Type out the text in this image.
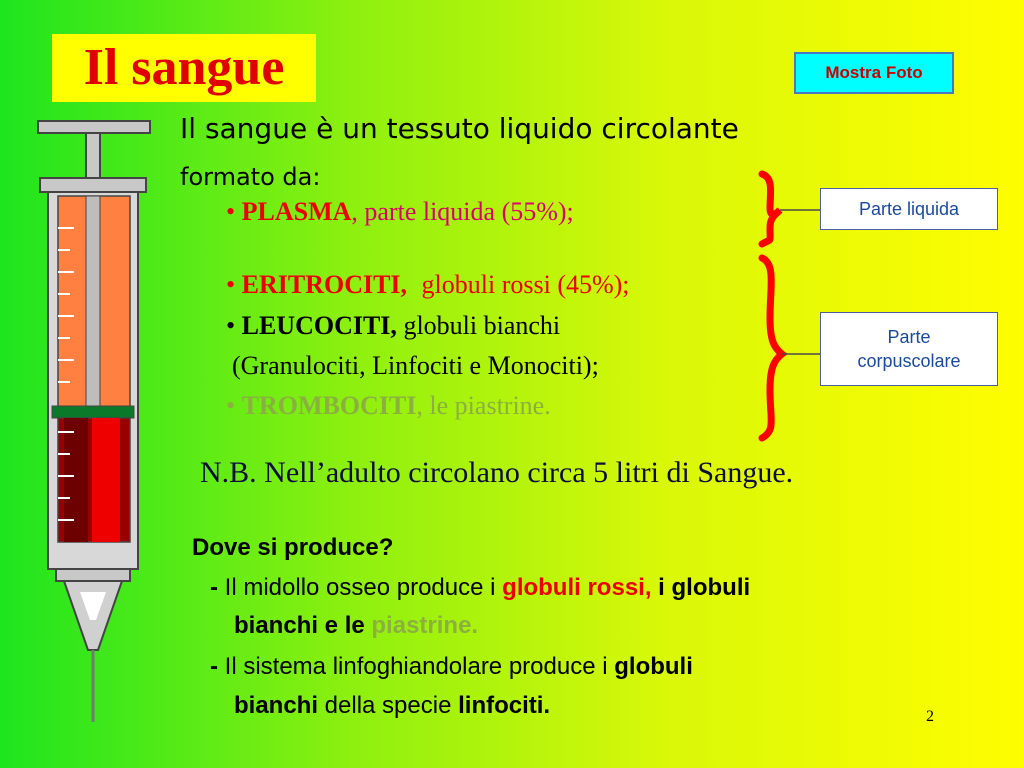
Il sangue	Mostra Foto
Il sangue è un tessuto liquido circolante
formato da:
• PLASMA, parte liquida (55%);
• ERITROCITI, globuli rossi (45%);
• LEUCOCITI, globuli bianchi
(Granulociti, Linfociti e Monociti);
• TROMBOCITI, le piastrine.
Parte liquida
Parte
corpuscolare
N.B. Nell’adulto circolano circa 5 litri di Sangue.
Dove si produce?
- Il midollo osseo produce i globuli rossi, i globuli
bianchi e le piastrine.
- Il sistema linfoghiandolare produce i globuli
bianchi della specie linfociti.	2
